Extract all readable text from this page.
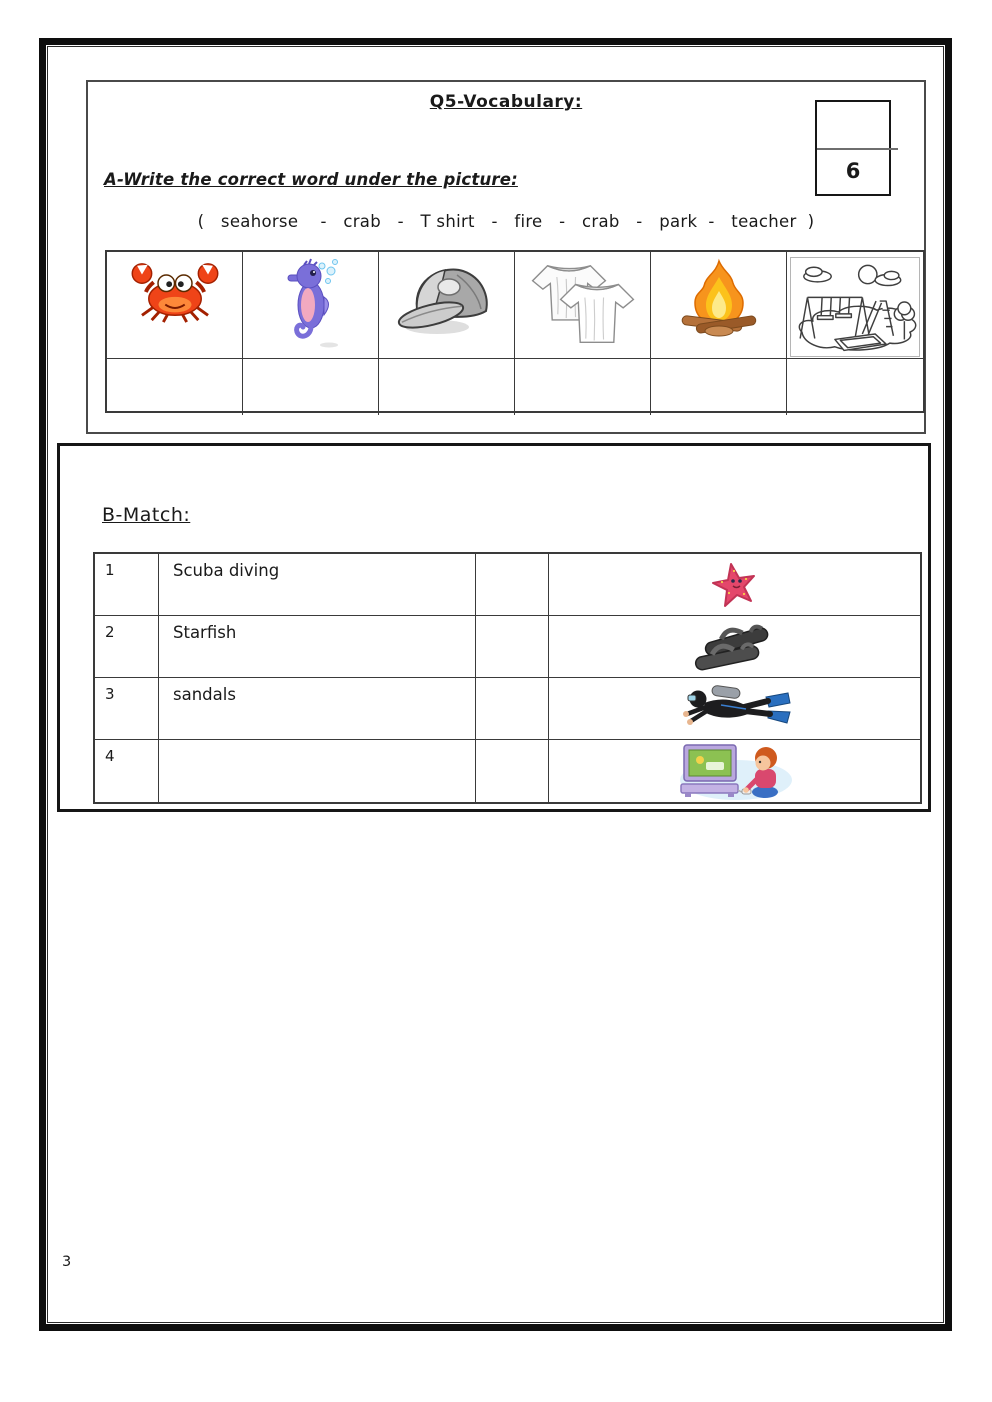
Q5-Vocabulary:
6
A-Write the correct word under the picture:
(   seahorse    -   crab   -   T shirt   -   fire   -   crab   -   park  -   teacher  )
B-Match:
1	Scuba diving
2	Starfish
3	sandals
4
3
